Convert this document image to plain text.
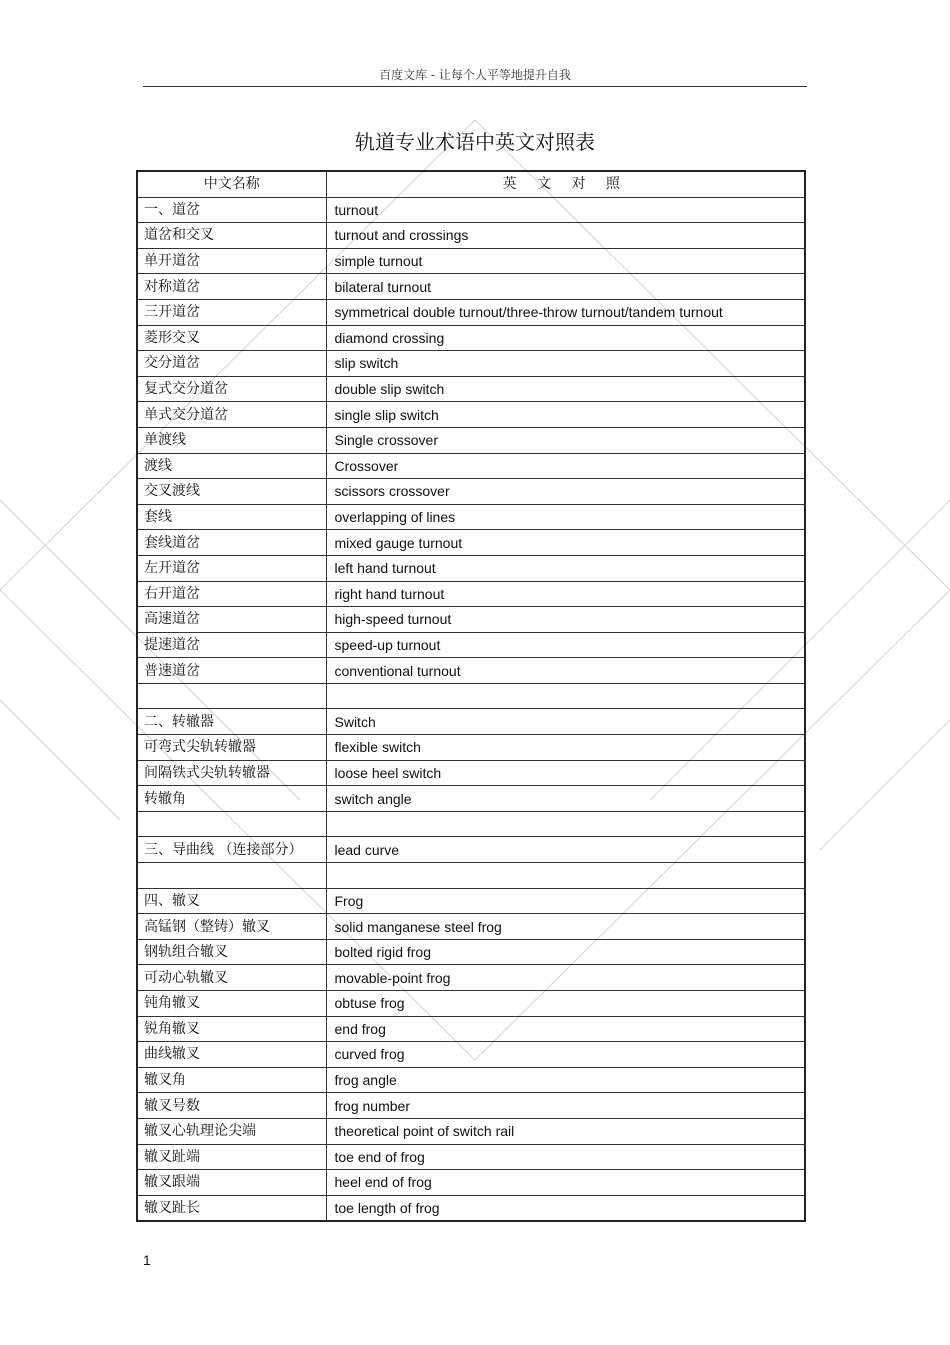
百度文库 - 让每个人平等地提升自我
轨道专业术语中英文对照表
中文名称	英 文 对 照
一、道岔	turnout
道岔和交叉	turnout and crossings
单开道岔	simple turnout
对称道岔	bilateral turnout
三开道岔	symmetrical double turnout/three-throw turnout/tandem turnout
菱形交叉	diamond crossing
交分道岔	slip switch
复式交分道岔	double slip switch
单式交分道岔	single slip switch
单渡线	Single crossover
渡线	Crossover
交叉渡线	scissors crossover
套线	overlapping of lines
套线道岔	mixed gauge turnout
左开道岔	left hand turnout
右开道岔	right hand turnout
高速道岔	high-speed turnout
提速道岔	speed-up turnout
普速道岔	conventional turnout

二、转辙器	Switch
可弯式尖轨转辙器	flexible switch
间隔铁式尖轨转辙器	loose heel switch
转辙角	switch angle

三、导曲线 （连接部分）	lead curve

四、辙叉	Frog
高锰钢（整铸）辙叉	solid manganese steel frog
钢轨组合辙叉	bolted rigid frog
可动心轨辙叉	movable-point frog
钝角辙叉	obtuse frog
锐角辙叉	end frog
曲线辙叉	curved frog
辙叉角	frog angle
辙叉号数	frog number
辙叉心轨理论尖端	theoretical point of switch rail
辙叉趾端	toe end of frog
辙叉跟端	heel end of frog
辙叉趾长	toe length of frog
1
